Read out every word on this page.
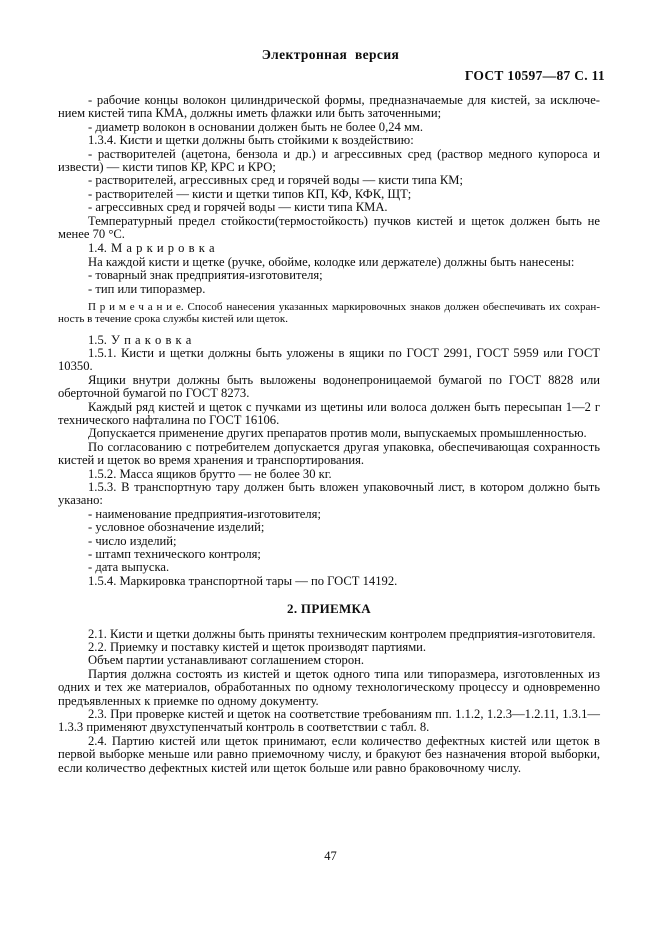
Электронная версия
ГОСТ 10597—87 С. 11

- рабочие концы волокон цилиндрической формы, предназначаемые для кистей, за исключением кистей типа КМА, должны иметь флажки или быть заточенными;

- диаметр волокон в основании должен быть не более 0,24 мм.

1.3.4. Кисти и щетки должны быть стойкими к воздействию:

- растворителей (ацетона, бензола и др.) и агрессивных сред (раствор медного купороса и извести) — кисти типов КР, КРС и КРО;

- растворителей, агрессивных сред и горячей воды — кисти типа КМ;

- растворителей — кисти и щетки типов КП, КФ, КФК, ЩТ;

- агрессивных сред и горячей воды — кисти типа КМА.

Температурный предел стойкости(термостойкость) пучков кистей и щеток должен быть не менее 70 °С.

1.4. М а р к и р о в к а

На каждой кисти и щетке (ручке, обойме, колодке или держателе) должны быть нанесены:

- товарный знак предприятия-изготовителя;

- тип или типоразмер.

П р и м е ч а н и е. Способ нанесения указанных маркировочных знаков должен обеспечивать их сохранность в течение срока службы кистей или щеток.

1.5. У п а к о в к а

1.5.1. Кисти и щетки должны быть уложены в ящики по ГОСТ 2991, ГОСТ 5959 или ГОСТ 10350.

Ящики внутри должны быть выложены водонепроницаемой бумагой по ГОСТ 8828 или оберточной бумагой по ГОСТ 8273.

Каждый ряд кистей и щеток с пучками из щетины или волоса должен быть пересыпан 1—2 г технического нафталина по ГОСТ 16106.

Допускается применение других препаратов против моли, выпускаемых промышленностью.

По согласованию с потребителем допускается другая упаковка, обеспечивающая сохранность кистей и щеток во время хранения и транспортирования.

1.5.2. Масса ящиков брутто — не более 30 кг.

1.5.3. В транспортную тару должен быть вложен упаковочный лист, в котором должно быть указано:

- наименование предприятия-изготовителя;

- условное обозначение изделий;

- число изделий;

- штамп технического контроля;

- дата выпуска.

1.5.4. Маркировка транспортной тары — по ГОСТ 14192.

2. ПРИЕМКА

2.1. Кисти и щетки должны быть приняты техническим контролем предприятия-изготовителя.

2.2. Приемку и поставку кистей и щеток производят партиями.

Объем партии устанавливают соглашением сторон.

Партия должна состоять из кистей и щеток одного типа или типоразмера, изготовленных из одних и тех же материалов, обработанных по одному технологическому процессу и одновременно предъявленных к приемке по одному документу.

2.3. При проверке кистей и щеток на соответствие требованиям пп. 1.1.2, 1.2.3—1.2.11, 1.3.1—1.3.3 применяют двухступенчатый контроль в соответствии с табл. 8.

2.4. Партию кистей или щеток принимают, если количество дефектных кистей или щеток в первой выборке меньше или равно приемочному числу, и бракуют без назначения второй выборки, если количество дефектных кистей или щеток больше или равно браковочному числу.

47
